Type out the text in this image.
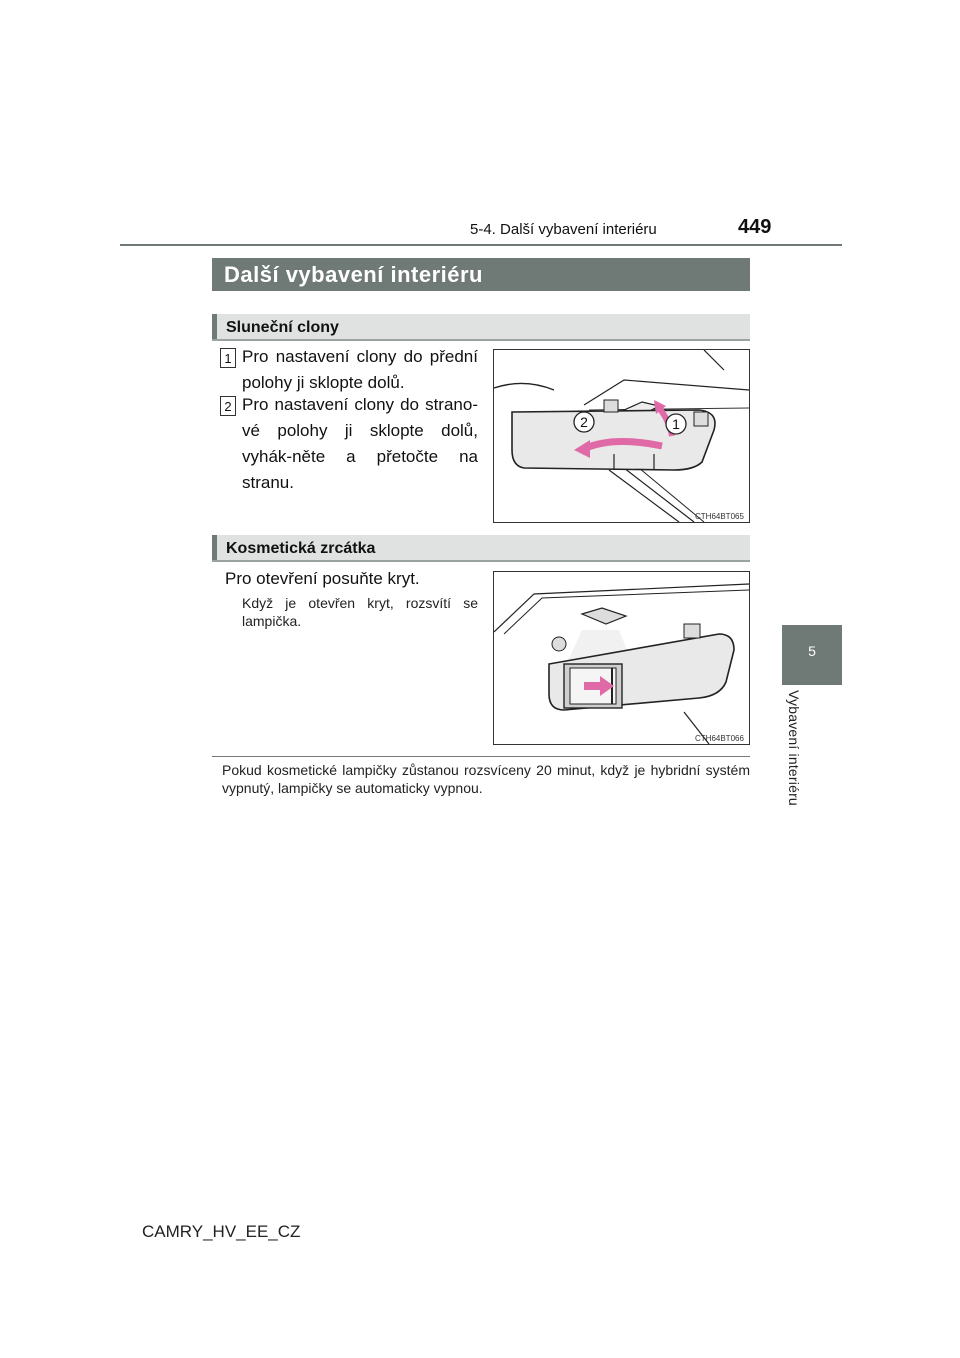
5-4. Další vybavení interiéru	449
5
Vybavení interiéru
Další vybavení interiéru
Sluneční clony
1 Pro nastavení clony do přední polohy ji sklopte dolů.
2 Pro nastavení clony do strano-vé polohy ji sklopte dolů, vyhák-něte a přetočte na stranu.
2	1
CTH64BT065
Kosmetická zrcátka
Pro otevření posuňte kryt.
Když je otevřen kryt, rozsvítí se lampička.
CTH64BT066
Pokud kosmetické lampičky zůstanou rozsvíceny 20 minut, když je hybridní systém vypnutý, lampičky se automaticky vypnou.
CAMRY_HV_EE_CZ
